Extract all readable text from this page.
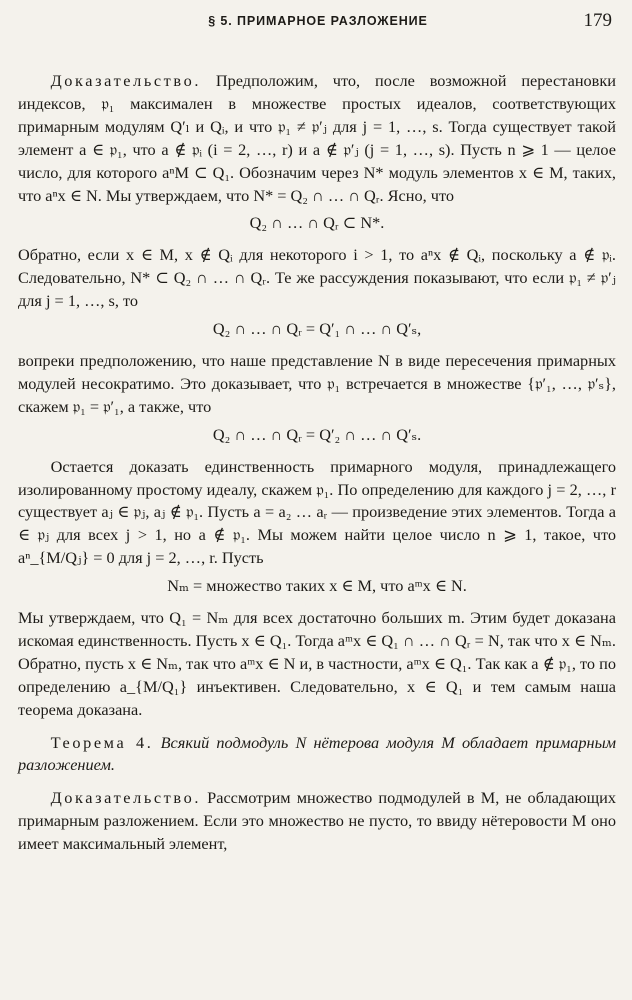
§ 5. ПРИМАРНОЕ РАЗЛОЖЕНИЕ	179

Доказательство. Предположим, что, после возможной перестановки индексов, 𝔭₁ максимален в множестве простых идеалов, соответствующих примарным модулям Q′ₗ и Qᵢ, и что 𝔭₁ ≠ 𝔭′ⱼ для j = 1, …, s. Тогда существует такой элемент a ∈ 𝔭₁, что a ∉ 𝔭ᵢ (i = 2, …, r) и a ∉ 𝔭′ⱼ (j = 1, …, s). Пусть n ⩾ 1 — целое число, для которого aⁿM ⊂ Q₁. Обозначим через N* модуль элементов x ∈ M, таких, что aⁿx ∈ N. Мы утверждаем, что N* = Q₂ ∩ … ∩ Qᵣ. Ясно, что

Q₂ ∩ … ∩ Qᵣ ⊂ N*.

Обратно, если x ∈ M, x ∉ Qᵢ для некоторого i > 1, то aⁿx ∉ Qᵢ, поскольку a ∉ 𝔭ᵢ. Следовательно, N* ⊂ Q₂ ∩ … ∩ Qᵣ. Те же рассуждения показывают, что если 𝔭₁ ≠ 𝔭′ⱼ для j = 1, …, s, то

Q₂ ∩ … ∩ Qᵣ = Q′₁ ∩ … ∩ Q′ₛ,

вопреки предположению, что наше представление N в виде пересечения примарных модулей несократимо. Это доказывает, что 𝔭₁ встречается в множестве {𝔭′₁, …, 𝔭′ₛ}, скажем 𝔭₁ = 𝔭′₁, а также, что

Q₂ ∩ … ∩ Qᵣ = Q′₂ ∩ … ∩ Q′ₛ.

Остается доказать единственность примарного модуля, принадлежащего изолированному простому идеалу, скажем 𝔭₁. По определению для каждого j = 2, …, r существует aⱼ ∈ 𝔭ⱼ, aⱼ ∉ 𝔭₁. Пусть a = a₂ … aᵣ — произведение этих элементов. Тогда a ∈ 𝔭ⱼ для всех j > 1, но a ∉ 𝔭₁. Мы можем найти целое число n ⩾ 1, такое, что aⁿ_{M/Qⱼ} = 0 для j = 2, …, r. Пусть

Nₘ = множество таких x ∈ M, что aᵐx ∈ N.

Мы утверждаем, что Q₁ = Nₘ для всех достаточно больших m. Этим будет доказана искомая единственность. Пусть x ∈ Q₁. Тогда aᵐx ∈ Q₁ ∩ … ∩ Qᵣ = N, так что x ∈ Nₘ. Обратно, пусть x ∈ Nₘ, так что aᵐx ∈ N и, в частности, aᵐx ∈ Q₁. Так как a ∉ 𝔭₁, то по определению a_{M/Q₁} инъективен. Следовательно, x ∈ Q₁ и тем самым наша теорема доказана.

Теорема 4. Всякий подмодуль N нётерова модуля M обладает примарным разложением.

Доказательство. Рассмотрим множество подмодулей в M, не обладающих примарным разложением. Если это множество не пусто, то ввиду нётеровости M оно имеет максимальный элемент,
